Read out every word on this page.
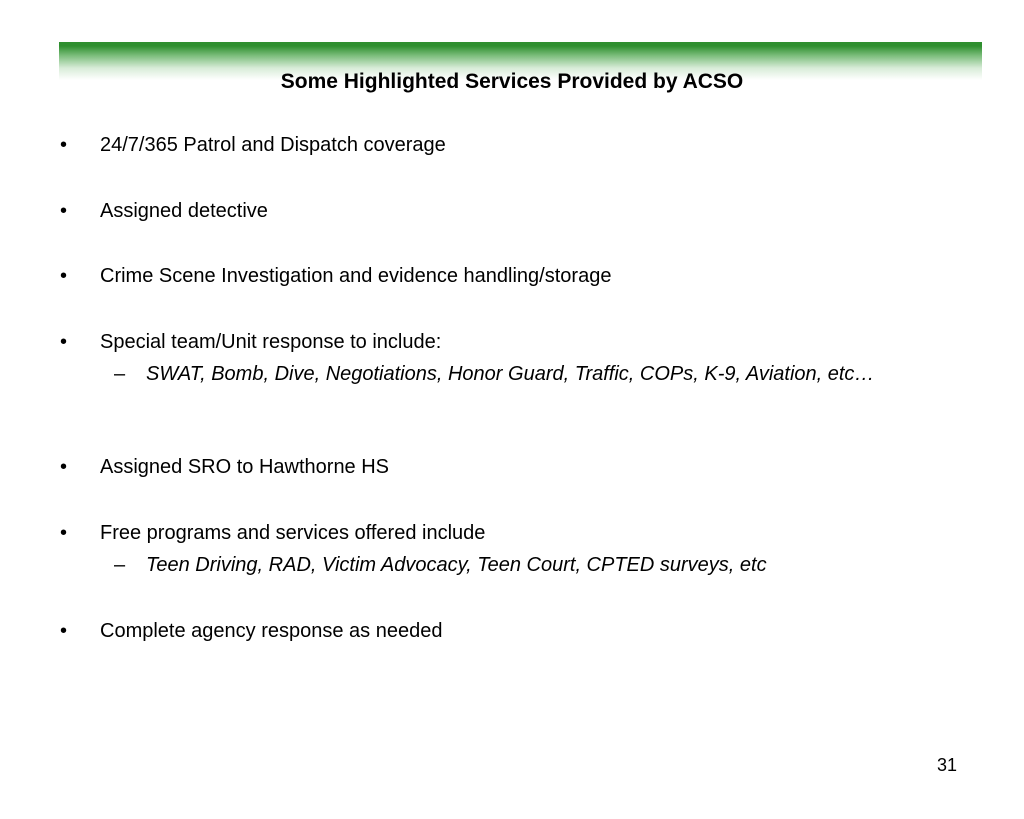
Some Highlighted Services Provided by ACSO
• 24/7/365 Patrol and Dispatch coverage
• Assigned detective
• Crime Scene Investigation and evidence handling/storage
• Special team/Unit response to include:
– SWAT, Bomb, Dive, Negotiations, Honor Guard, Traffic, COPs, K-9, Aviation, etc…
• Assigned SRO to Hawthorne HS
• Free programs and services offered include
– Teen Driving, RAD, Victim Advocacy, Teen Court, CPTED surveys, etc
• Complete agency response as needed
31
